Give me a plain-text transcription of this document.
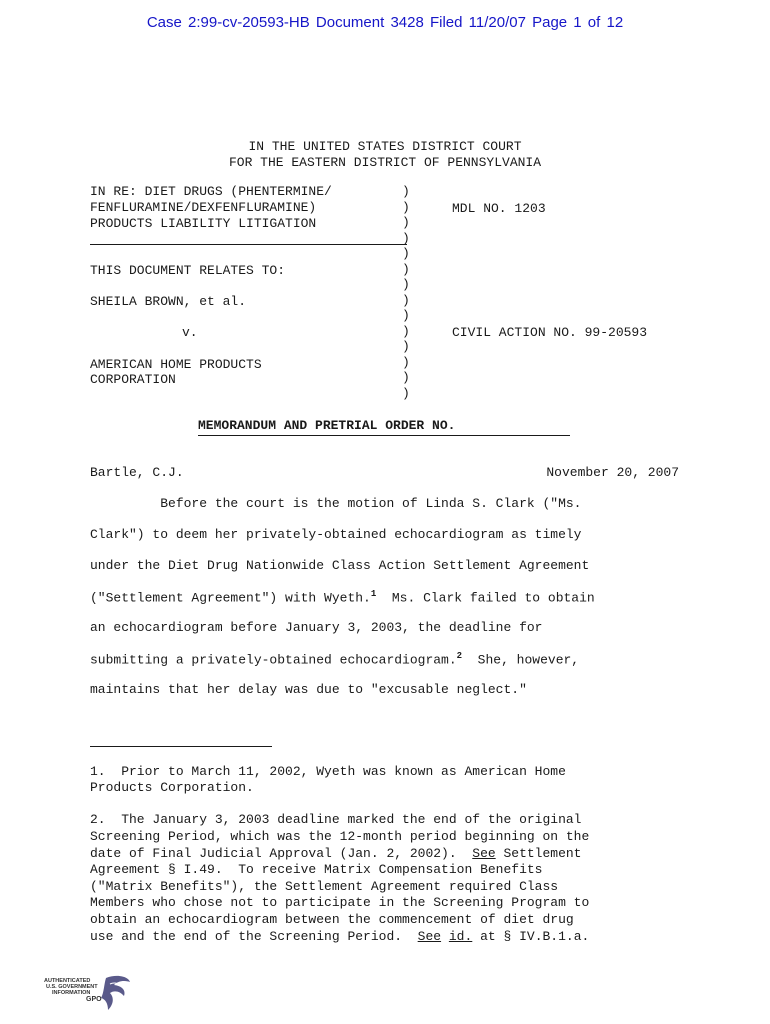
Case 2:99-cv-20593-HB Document 3428 Filed 11/20/07 Page 1 of 12
IN THE UNITED STATES DISTRICT COURT
FOR THE EASTERN DISTRICT OF PENNSYLVANIA
IN RE: DIET DRUGS (PHENTERMINE/
FENFLURAMINE/DEXFENFLURAMINE)
PRODUCTS LIABILITY LITIGATION
THIS DOCUMENT RELATES TO:
SHEILA BROWN, et al.
v.
AMERICAN HOME PRODUCTS
CORPORATION
)
)
)
)
)
)
)
)
)
)
)
)
)
)
MDL NO. 1203
CIVIL ACTION NO. 99-20593
MEMORANDUM AND PRETRIAL ORDER NO.
Bartle, C.J.	November 20, 2007
Before the court is the motion of Linda S. Clark ("Ms.
Clark") to deem her privately-obtained echocardiogram as timely
under the Diet Drug Nationwide Class Action Settlement Agreement
("Settlement Agreement") with Wyeth.$^1$  Ms. Clark failed to obtain
an echocardiogram before January 3, 2003, the deadline for
submitting a privately-obtained echocardiogram.$^2$  She, however,
maintains that her delay was due to "excusable neglect."
1.  Prior to March 11, 2002, Wyeth was known as American Home
Products Corporation.
2.  The January 3, 2003 deadline marked the end of the original
Screening Period, which was the 12-month period beginning on the
date of Final Judicial Approval (Jan. 2, 2002).  See Settlement
Agreement § I.49.  To receive Matrix Compensation Benefits
("Matrix Benefits"), the Settlement Agreement required Class
Members who chose not to participate in the Screening Program to
obtain an echocardiogram between the commencement of diet drug
use and the end of the Screening Period.  See id. at § IV.B.1.a.
AUTHENTICATED
U.S. GOVERNMENT
INFORMATION
GPO
